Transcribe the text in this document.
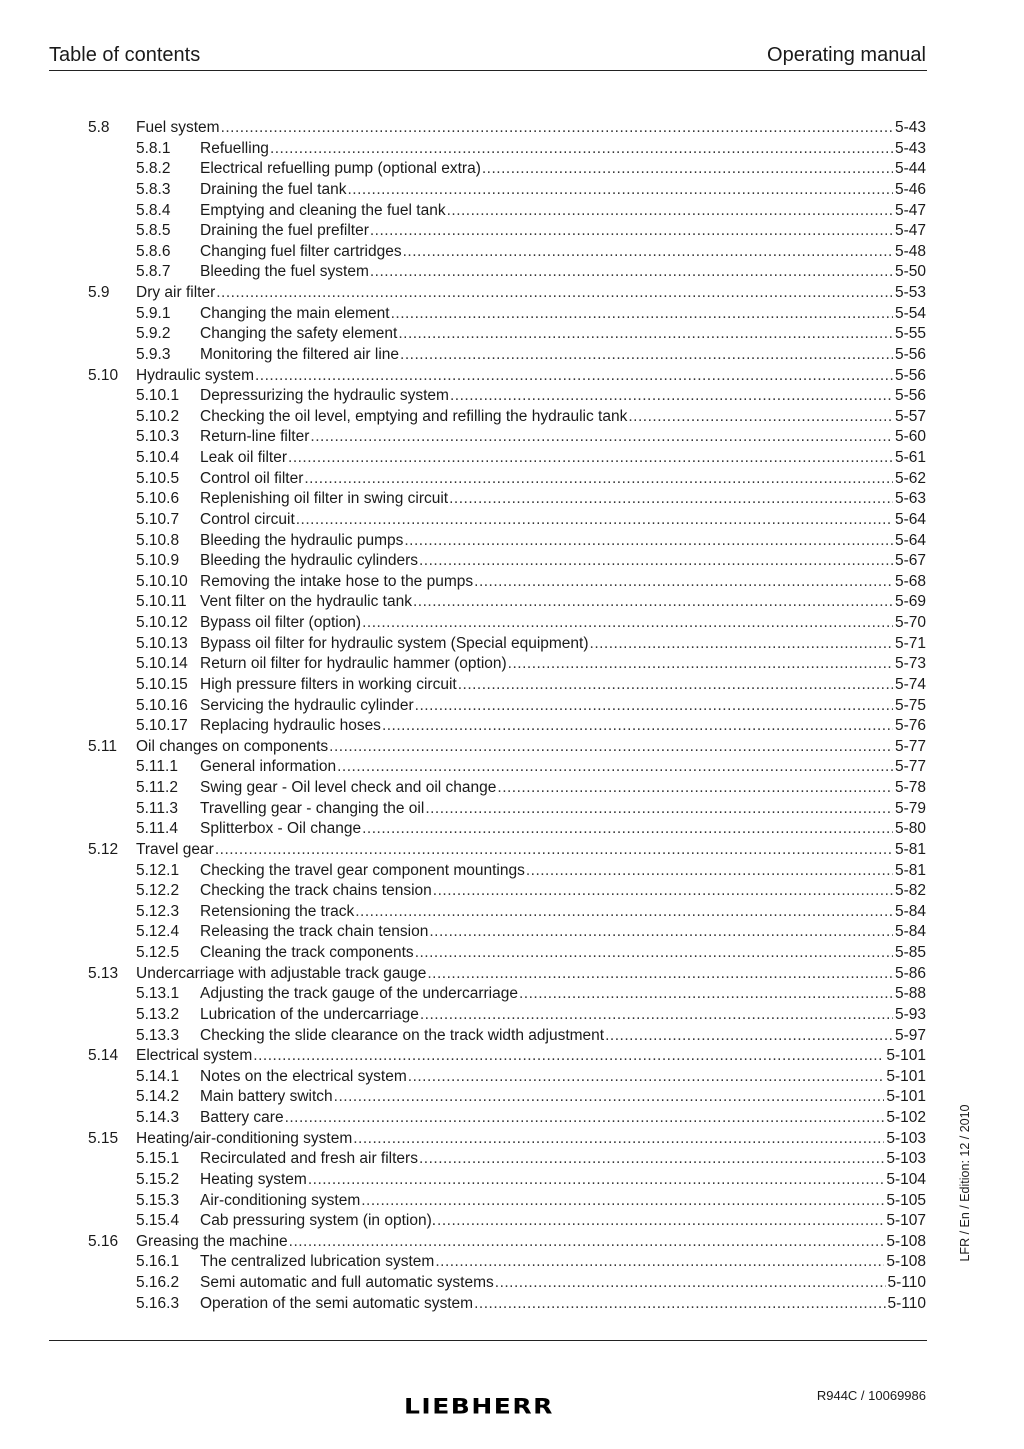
Table of contents	Operating manual
5.8 Fuel system .....	5-43
5.8.1 Refuelling .....	5-43
5.8.2 Electrical refuelling pump (optional extra) .....	5-44
5.8.3 Draining the fuel tank .....	5-46
5.8.4 Emptying and cleaning the fuel tank .....	5-47
5.8.5 Draining the fuel prefilter .....	5-47
5.8.6 Changing fuel filter cartridges .....	5-48
5.8.7 Bleeding the fuel system .....	5-50
5.9 Dry air filter .....	5-53
5.9.1 Changing the main element .....	5-54
5.9.2 Changing the safety element .....	5-55
5.9.3 Monitoring the filtered air line .....	5-56
5.10 Hydraulic system .....	5-56
5.10.1 Depressurizing the hydraulic system .....	5-56
5.10.2 Checking the oil level, emptying and refilling the hydraulic tank .....	5-57
5.10.3 Return-line filter .....	5-60
5.10.4 Leak oil filter .....	5-61
5.10.5 Control oil filter .....	5-62
5.10.6 Replenishing oil filter in swing circuit .....	5-63
5.10.7 Control circuit .....	5-64
5.10.8 Bleeding the hydraulic pumps .....	5-64
5.10.9 Bleeding the hydraulic cylinders .....	5-67
5.10.10 Removing the intake hose to the pumps .....	5-68
5.10.11 Vent filter on the hydraulic tank .....	5-69
5.10.12 Bypass oil filter (option) .....	5-70
5.10.13 Bypass oil filter for hydraulic system (Special equipment) .....	5-71
5.10.14 Return oil filter for hydraulic hammer (option) .....	5-73
5.10.15 High pressure filters in working circuit .....	5-74
5.10.16 Servicing the hydraulic cylinder .....	5-75
5.10.17 Replacing hydraulic hoses .....	5-76
5.11 Oil changes on components .....	5-77
5.11.1 General information .....	5-77
5.11.2 Swing gear - Oil level check and oil change .....	5-78
5.11.3 Travelling gear - changing the oil .....	5-79
5.11.4 Splitterbox - Oil change .....	5-80
5.12 Travel gear .....	5-81
5.12.1 Checking the travel gear component mountings .....	5-81
5.12.2 Checking the track chains tension .....	5-82
5.12.3 Retensioning the track .....	5-84
5.12.4 Releasing the track chain tension .....	5-84
5.12.5 Cleaning the track components .....	5-85
5.13 Undercarriage with adjustable track gauge .....	5-86
5.13.1 Adjusting the track gauge of the undercarriage .....	5-88
5.13.2 Lubrication of the undercarriage .....	5-93
5.13.3 Checking the slide clearance on the track width adjustment .....	5-97
5.14 Electrical system .....	5-101
5.14.1 Notes on the electrical system .....	5-101
5.14.2 Main battery switch .....	5-101
5.14.3 Battery care .....	5-102
5.15 Heating/air-conditioning system .....	5-103
5.15.1 Recirculated and fresh air filters .....	5-103
5.15.2 Heating system .....	5-104
5.15.3 Air-conditioning system .....	5-105
5.15.4 Cab pressuring system (in option). .....	5-107
5.16 Greasing the machine .....	5-108
5.16.1 The centralized lubrication system .....	5-108
5.16.2 Semi automatic and full automatic systems .....	5-110
5.16.3 Operation of the semi automatic system .....	5-110
LFR / En / Edition: 12 / 2010
LIEBHERR	R944C / 10069986
